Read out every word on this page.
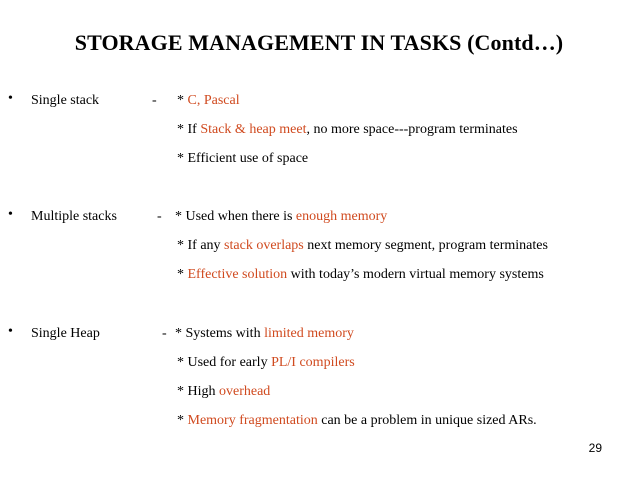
STORAGE MANAGEMENT IN TASKS (Contd…)
• Single stack	- * C, Pascal
* If Stack & heap meet, no more space---program terminates
* Efficient use of space
• Multiple stacks	- * Used when there is enough memory
* If any stack overlaps next memory segment, program terminates
* Effective solution with today’s modern virtual memory systems
• Single Heap	- * Systems with limited memory
* Used for early PL/I compilers
* High overhead
* Memory fragmentation can be a problem in unique sized ARs.
29
